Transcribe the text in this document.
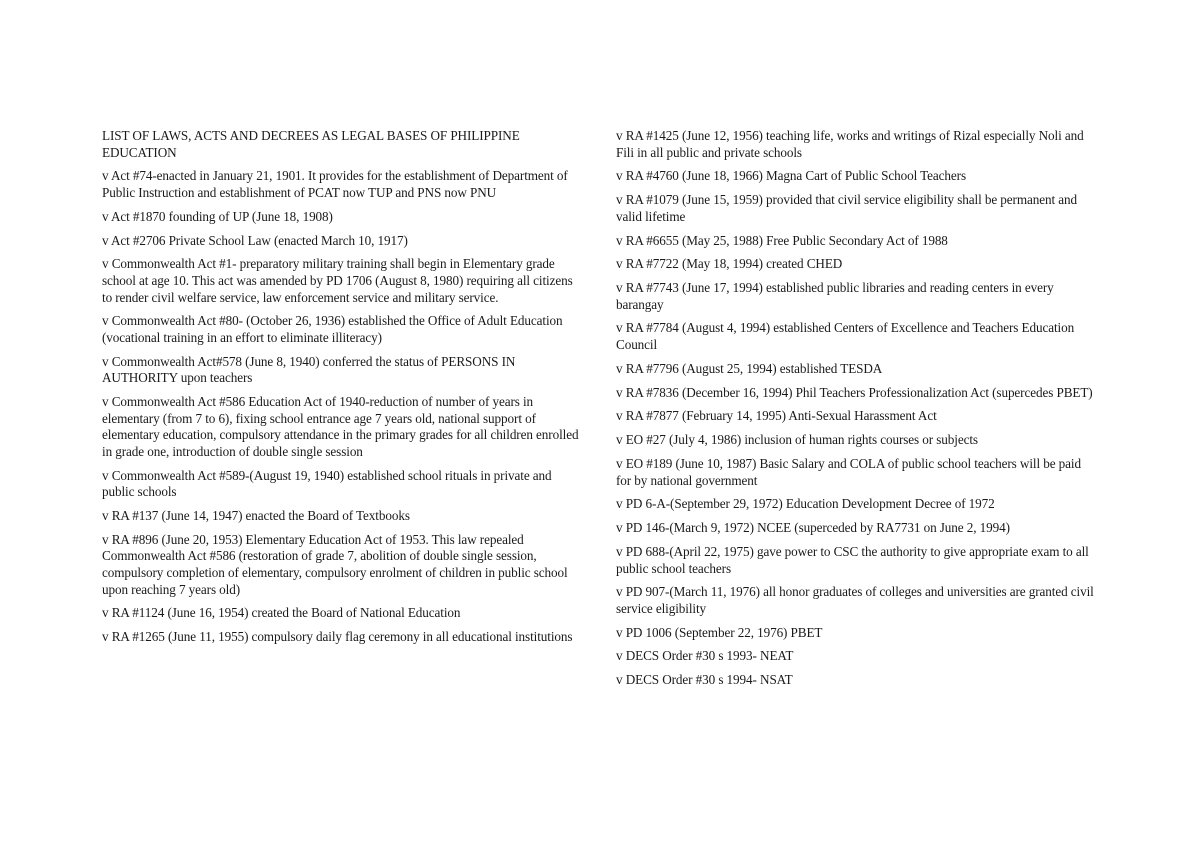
LIST OF LAWS, ACTS AND DECREES AS LEGAL BASES OF PHILIPPINE EDUCATION

v Act #74-enacted in January 21, 1901. It provides for the establishment of Department of Public Instruction and establishment of PCAT now TUP and PNS now PNU

v Act #1870 founding of UP (June 18, 1908)

v Act #2706 Private School Law (enacted March 10, 1917)

v Commonwealth Act #1- preparatory military training shall begin in Elementary grade school at age 10. This act was amended by PD 1706 (August 8, 1980) requiring all citizens to render civil welfare service, law enforcement service and military service.

v Commonwealth Act #80- (October 26, 1936) established the Office of Adult Education (vocational training in an effort to eliminate illiteracy)

v Commonwealth Act#578 (June 8, 1940) conferred the status of PERSONS IN AUTHORITY upon teachers

v Commonwealth Act #586 Education Act of 1940-reduction of number of years in elementary (from 7 to 6), fixing school entrance age 7 years old, national support of elementary education, compulsory attendance in the primary grades for all children enrolled in grade one, introduction of double single session

v Commonwealth Act #589-(August 19, 1940) established school rituals in private and public schools

v RA #137 (June 14, 1947) enacted the Board of Textbooks

v RA #896 (June 20, 1953) Elementary Education Act of 1953. This law repealed Commonwealth Act #586 (restoration of grade 7, abolition of double single session, compulsory completion of elementary, compulsory enrolment of children in public school upon reaching 7 years old)

v RA #1124 (June 16, 1954) created the Board of National Education

v RA #1265 (June 11, 1955) compulsory daily flag ceremony in all educational institutions

v RA #1425 (June 12, 1956) teaching life, works and writings of Rizal especially Noli and Fili in all public and private schools

v RA #4760 (June 18, 1966) Magna Cart of Public School Teachers

v RA #1079 (June 15, 1959) provided that civil service eligibility shall be permanent and valid lifetime

v RA #6655 (May 25, 1988) Free Public Secondary Act of 1988

v RA #7722 (May 18, 1994) created CHED

v RA #7743 (June 17, 1994) established public libraries and reading centers in every barangay

v RA #7784 (August 4, 1994) established Centers of Excellence and Teachers Education Council

v RA #7796 (August 25, 1994) established TESDA

v RA #7836 (December 16, 1994) Phil Teachers Professionalization Act (supercedes PBET)

v RA #7877 (February 14, 1995) Anti-Sexual Harassment Act

v EO #27 (July 4, 1986) inclusion of human rights courses or subjects

v EO #189 (June 10, 1987) Basic Salary and COLA of public school teachers will be paid for by national government

v PD 6-A-(September 29, 1972) Education Development Decree of 1972

v PD 146-(March 9, 1972) NCEE (superceded by RA7731 on June 2, 1994)

v PD 688-(April 22, 1975) gave power to CSC the authority to give appropriate exam to all public school teachers

v PD 907-(March 11, 1976) all honor graduates of colleges and universities are granted civil service eligibility

v PD 1006 (September 22, 1976) PBET

v DECS Order #30 s 1993- NEAT

v DECS Order #30 s 1994- NSAT
